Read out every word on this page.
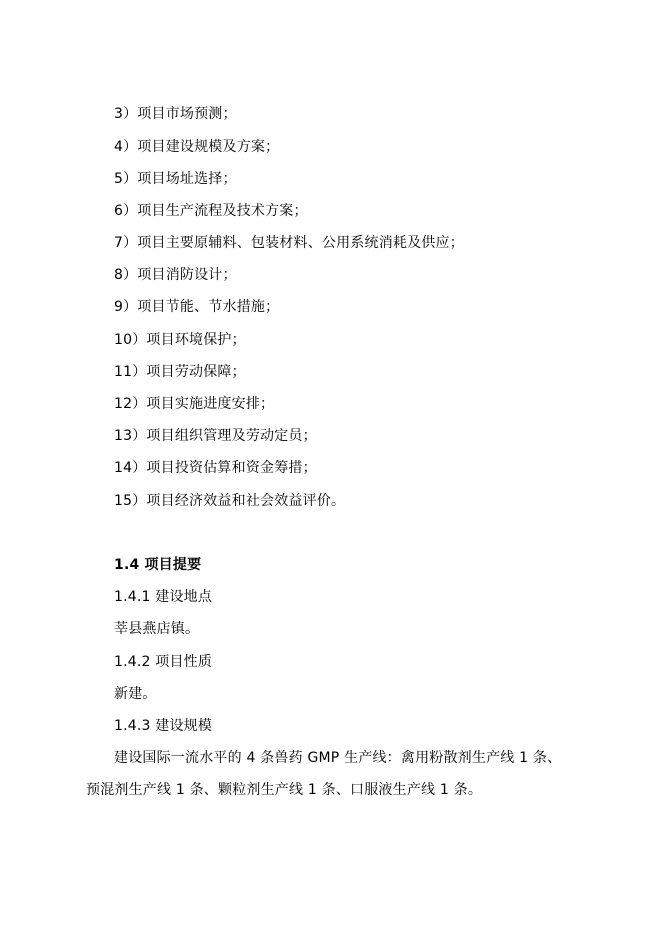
3）项目市场预测；
4）项目建设规模及方案；
5）项目场址选择；
6）项目生产流程及技术方案；
7）项目主要原辅料、包装材料、公用系统消耗及供应；
8）项目消防设计；
9）项目节能、节水措施；
10）项目环境保护；
11）项目劳动保障；
12）项目实施进度安排；
13）项目组织管理及劳动定员；
14）项目投资估算和资金筹措；
15）项目经济效益和社会效益评价。
1.4 项目提要
1.4.1 建设地点
莘县燕店镇。
1.4.2 项目性质
新建。
1.4.3 建设规模
建设国际一流水平的 4 条兽药 GMP 生产线：禽用粉散剂生产线 1 条、
预混剂生产线 1 条、颗粒剂生产线 1 条、口服液生产线 1 条。
